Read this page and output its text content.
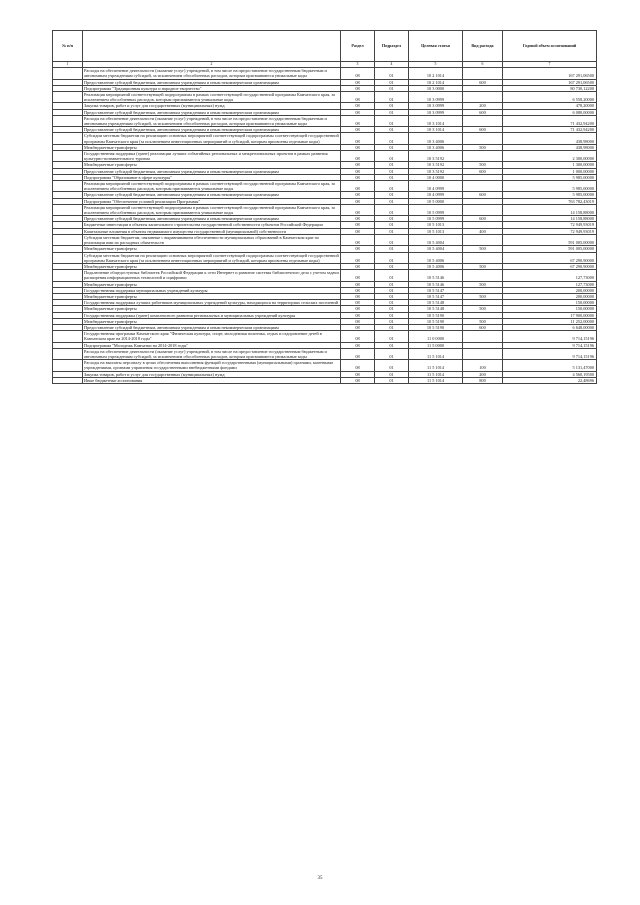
№ п/п		Раздел	Подраздел	Целевая статья	Вид расхода	Годовой объем ассигнований
1	2	3	4	5	6	7
	Расходы на обеспечение деятельности (оказание услуг) учреждений, в том числе на предоставление государственным бюджетным и автономным учреждениям субсидий, за исключением обособленных расходов, которым присваиваются уникальные коды	08	01	10 2 1014		167 291,06500
	Предоставление субсидий бюджетным, автономным учреждениям и иным некоммерческим организациям	08	01	10 2 1014	600	167 291,06500
	Подпрограмма "Традиционная культура и народное творчество"	08	01	10 3 0000		80 730,12200
	Реализация мероприятий соответствующей подпрограммы в рамках соответствующей государственной программы Камчатского края, за исключением обособленных расходов, которым присваиваются уникальные коды	08	01	10 3 0999		6 558,20000
	Закупка товаров, работ и услуг для государственных (муниципальных) нужд	08	01	10 3 0999	200	478,20000
	Предоставление субсидий бюджетным, автономным учреждениям и иным некоммерческим организациям	08	01	10 3 0999	600	6 080,00000
	Расходы на обеспечение деятельности (оказание услуг) учреждений, в том числе на предоставление государственным бюджетным и автономным учреждениям субсидий, за исключением обособленных расходов, которым присваиваются уникальные коды	08	01	10 3 1014		71 432,94200
	Предоставление субсидий бюджетным, автономным учреждениям и иным некоммерческим организациям	08	01	10 3 1014	600	71 432,94200
	Субсидии местным бюджетам на реализацию основных мероприятий соответствующей подпрограммы соответствующей государственной программы Камчатского края (за исключением инвестиционных мероприятий и субсидий, которым присвоены отдельные коды)	08	01	10 3 4006		438,98000
	Межбюджетные трансферты	08	01	10 3 4006	500	438,98000
	Государственная поддержка (грант) реализации лучших событийных региональных и межрегиональных проектов в рамках развития культурно-познавательного туризма	08	01	10 3 5192		2 300,00000
	Межбюджетные трансферты	08	01	10 3 5192	500	1 300,00000
	Предоставление субсидий бюджетным, автономным учреждениям и иным некоммерческим организациям	08	01	10 3 5192	600	1 000,00000
	Подпрограмма "Образование в сфере культуры"	08	01	10 4 0000		5 985,00000
	Реализация мероприятий соответствующей подпрограммы в рамках соответствующей государственной программы Камчатского края, за исключением обособленных расходов, которым присваиваются уникальные коды	08	01	10 4 0999		5 985,00000
	Предоставление субсидий бюджетным, автономным учреждениям и иным некоммерческим организациям	08	01	10 4 0999	600	5 985,00000
	Подпрограмма "Обеспечение условий реализации Программы"	08	01	10 5 0000		763 782,43019
	Реализация мероприятий соответствующей подпрограммы в рамках соответствующей государственной программы Камчатского края, за исключением обособленных расходов, которым присваиваются уникальные коды	08	01	10 5 0999		14 158,88000
	Предоставление субсидий бюджетным, автономным учреждениям и иным некоммерческим организациям	08	01	10 5 0999	600	14 158,88000
	Бюджетные инвестиции в объекты капитального строительства государственной собственности субъектов Российской Федерации	08	01	10 5 1013		72 949,93019
	Капитальные вложения в объекты недвижимого имущества государственной (муниципальной) собственности	08	01	10 5 1013	400	72 949,93019
	Субсидии местным бюджетам, связанные с выравниванием обеспеченности муниципальных образований в Камчатском крае по реализации ими их расходных обязательств	08	01	10 5 4004		591 005,00000
	Межбюджетные трансферты	08	01	10 5 4004	500	591 005,00000
	Субсидии местным бюджетам на реализацию основных мероприятий соответствующей подпрограммы соответствующей государственной программы Камчатского края (за исключением инвестиционных мероприятий и субсидий, которым присвоены отдельные коды)	08	01	10 5 4006		67 290,90000
	Межбюджетные трансферты	08	01	10 5 4006	500	67 290,90000
	Подключение общедоступных библиотек Российской Федерации к сети Интернет и развитие системы библиотечного дела с учетом задачи расширения информационных технологий и оцифровки	08	01	10 5 5146		127,73000
	Межбюджетные трансферты	08	01	10 5 5146	500	127,73000
	Государственная поддержка муниципальных учреждений культуры	08	01	10 5 5147		200,00000
	Межбюджетные трансферты	08	01	10 5 5147	500	200,00000
	Государственная поддержка лучших работников муниципальных учреждений культуры, находящихся на территориях сельских поселений	08	01	10 5 5148		150,00000
	Межбюджетные трансферты	08	01	10 5 5148	500	150,00000
	Государственная поддержка (грант) комплексного развития региональных и муниципальных учреждений культуры	08	01	10 5 5190		17 900,00000
	Межбюджетные трансферты	08	01	10 5 5190	500	11 252,00000
	Предоставление субсидий бюджетным, автономным учреждениям и иным некоммерческим организациям	08	01	10 5 5190	600	6 648,00000
	Государственная программа Камчатского края "Физическая культура, спорт, молодежная политика, отдых и оздоровление детей в Камчатском крае на 2014-2018 годы"	08	01	11 0 0000		9 714,15196
	Подпрограмма "Молодежь Камчатки на 2014-2018 годы"	08	01	11 5 0000		9 714,15196
	Расходы на обеспечение деятельности (оказание услуг) учреждений, в том числе на предоставление государственным бюджетным и автономным учреждениям субсидий, за исключением обособленных расходов, которым присваиваются уникальные коды	08	01	11 5 1014		9 714,15196
	Расходы на выплаты персоналу в целях обеспечения выполнения функций государственными (муниципальными) органами, казенными учреждениями, органами управления государственными внебюджетными фондами	08	01	11 5 1014	100	5 131,47000
	Закупка товаров, работ и услуг для государственных (муниципальных) нужд	08	01	11 5 1014	200	4 560,19500
	Иные бюджетные ассигнования	08	01	11 5 1014	800	22,48696
35
